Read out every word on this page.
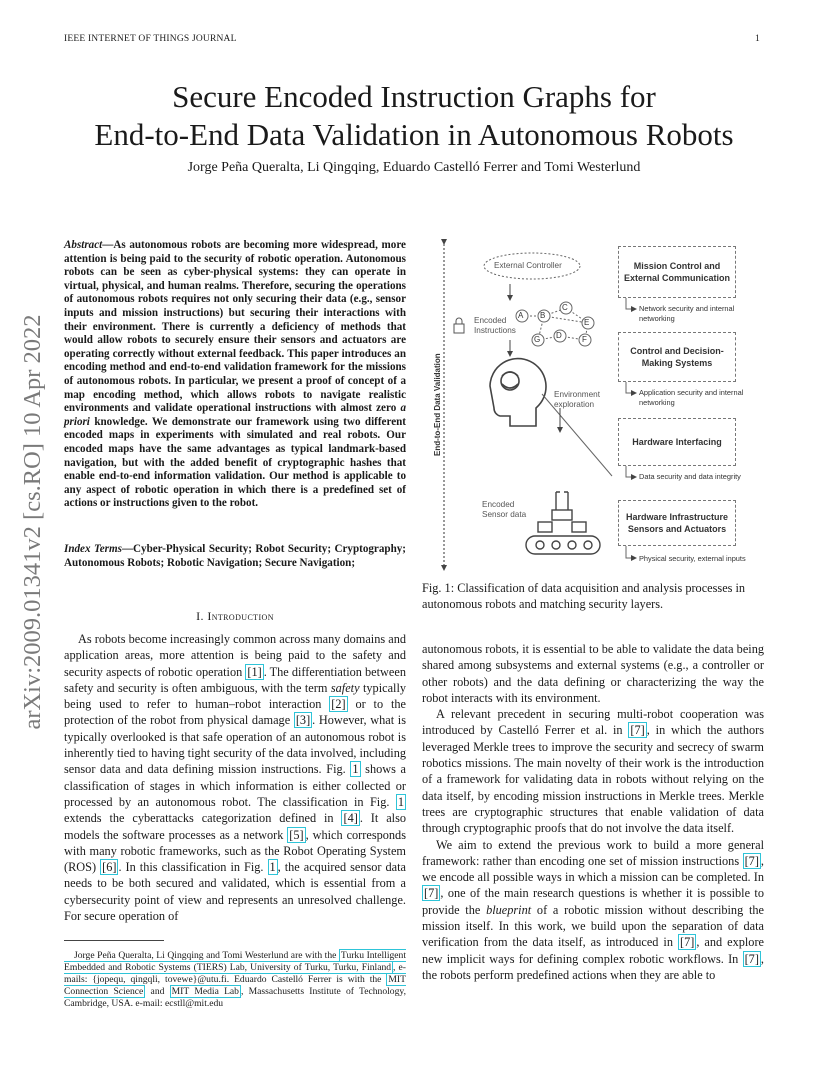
IEEE INTERNET OF THINGS JOURNAL	1
Secure Encoded Instruction Graphs for
End-to-End Data Validation in Autonomous Robots
Jorge Peña Queralta, Li Qingqing, Eduardo Castelló Ferrer and Tomi Westerlund
arXiv:2009.01341v2 [cs.RO] 10 Apr 2022
Abstract—As autonomous robots are becoming more widespread, more attention is being paid to the security of robotic operation. Autonomous robots can be seen as cyber-physical systems: they can operate in virtual, physical, and human realms. Therefore, securing the operations of autonomous robots requires not only securing their data (e.g., sensor inputs and mission instructions) but securing their interactions with their environment. There is currently a deficiency of methods that would allow robots to securely ensure their sensors and actuators are operating correctly without external feedback. This paper introduces an encoding method and end-to-end validation framework for the missions of autonomous robots. In particular, we present a proof of concept of a map encoding method, which allows robots to navigate realistic environments and validate operational instructions with almost zero a priori knowledge. We demonstrate our framework using two different encoded maps in experiments with simulated and real robots. Our encoded maps have the same advantages as typical landmark-based navigation, but with the added benefit of cryptographic hashes that enable end-to-end information validation. Our method is applicable to any aspect of robotic operation in which there is a predefined set of actions or instructions given to the robot.
Index Terms—Cyber-Physical Security; Robot Security; Cryptography; Autonomous Robots; Robotic Navigation; Secure Navigation;
I. Introduction
As robots become increasingly common across many domains and application areas, more attention is being paid to the safety and security aspects of robotic operation [1] . The differentiation between safety and security is often ambiguous, with the term safety typically being used to refer to human–robot interaction [2] or to the protection of the robot from physical damage [3] . However, what is typically overlooked is that safe operation of an autonomous robot is inherently tied to having tight security of the data involved, including sensor data and data defining mission instructions. Fig. 1 shows a classification of stages in which information is either collected or processed by an autonomous robot. The classification in Fig. 1 extends the cyberattacks categorization defined in [4] . It also models the software processes as a network [5] , which corresponds with many robotic frameworks, such as the Robot Operating System (ROS) [6] . In this classification in Fig. 1 , the acquired sensor data needs to be both secured and validated, which is essential from a cybersecurity point of view and represents an unresolved challenge. For secure operation of
Jorge Peña Queralta, Li Qingqing and Tomi Westerlund are with the Turku Intelligent Embedded and Robotic Systems (TIERS) Lab, University of Turku, Turku, Finland , e-mails: {jopequ, qingqli, tovewe}@utu.fi. Eduardo Castelló Ferrer is with the MIT Connection Science and MIT Media Lab , Massachusetts Institute of Technology, Cambridge, USA. e-mail: ecstll@mit.edu
End-to-End Data Validation
External Controller
Encoded Instructions
Environment exploration
Encoded Sensor data
A B
C
D
E
F
G
Mission Control and External Communication
Network security and internal networking
Control and Decision-Making Systems
Application security and internal networking
Hardware Interfacing
Data security and data integrity
Hardware Infrastructure Sensors and Actuators
Physical security, external inputs
Fig. 1: Classification of data acquisition and analysis processes in autonomous robots and matching security layers.
autonomous robots, it is essential to be able to validate the data being shared among subsystems and external systems (e.g., a controller or other robots) and the data defining or characterizing the way the robot interacts with its environment.
A relevant precedent in securing multi-robot cooperation was introduced by Castelló Ferrer et al. in [7] , in which the authors leveraged Merkle trees to improve the security and secrecy of swarm robotics missions. The main novelty of their work is the introduction of a framework for validating data in robots without relying on the data itself, by encoding mission instructions in Merkle trees. Merkle trees are cryptographic structures that enable validation of data through cryptographic proofs that do not involve the data itself.
We aim to extend the previous work to build a more general framework: rather than encoding one set of mission instructions [7] , we encode all possible ways in which a mission can be completed. In [7] , one of the main research questions is whether it is possible to provide the blueprint of a robotic mission without describing the mission itself. In this work, we build upon the separation of data verification from the data itself, as introduced in [7] , and explore new implicit ways for defining complex robotic workflows. In [7] , the robots perform predefined actions when they are able to
